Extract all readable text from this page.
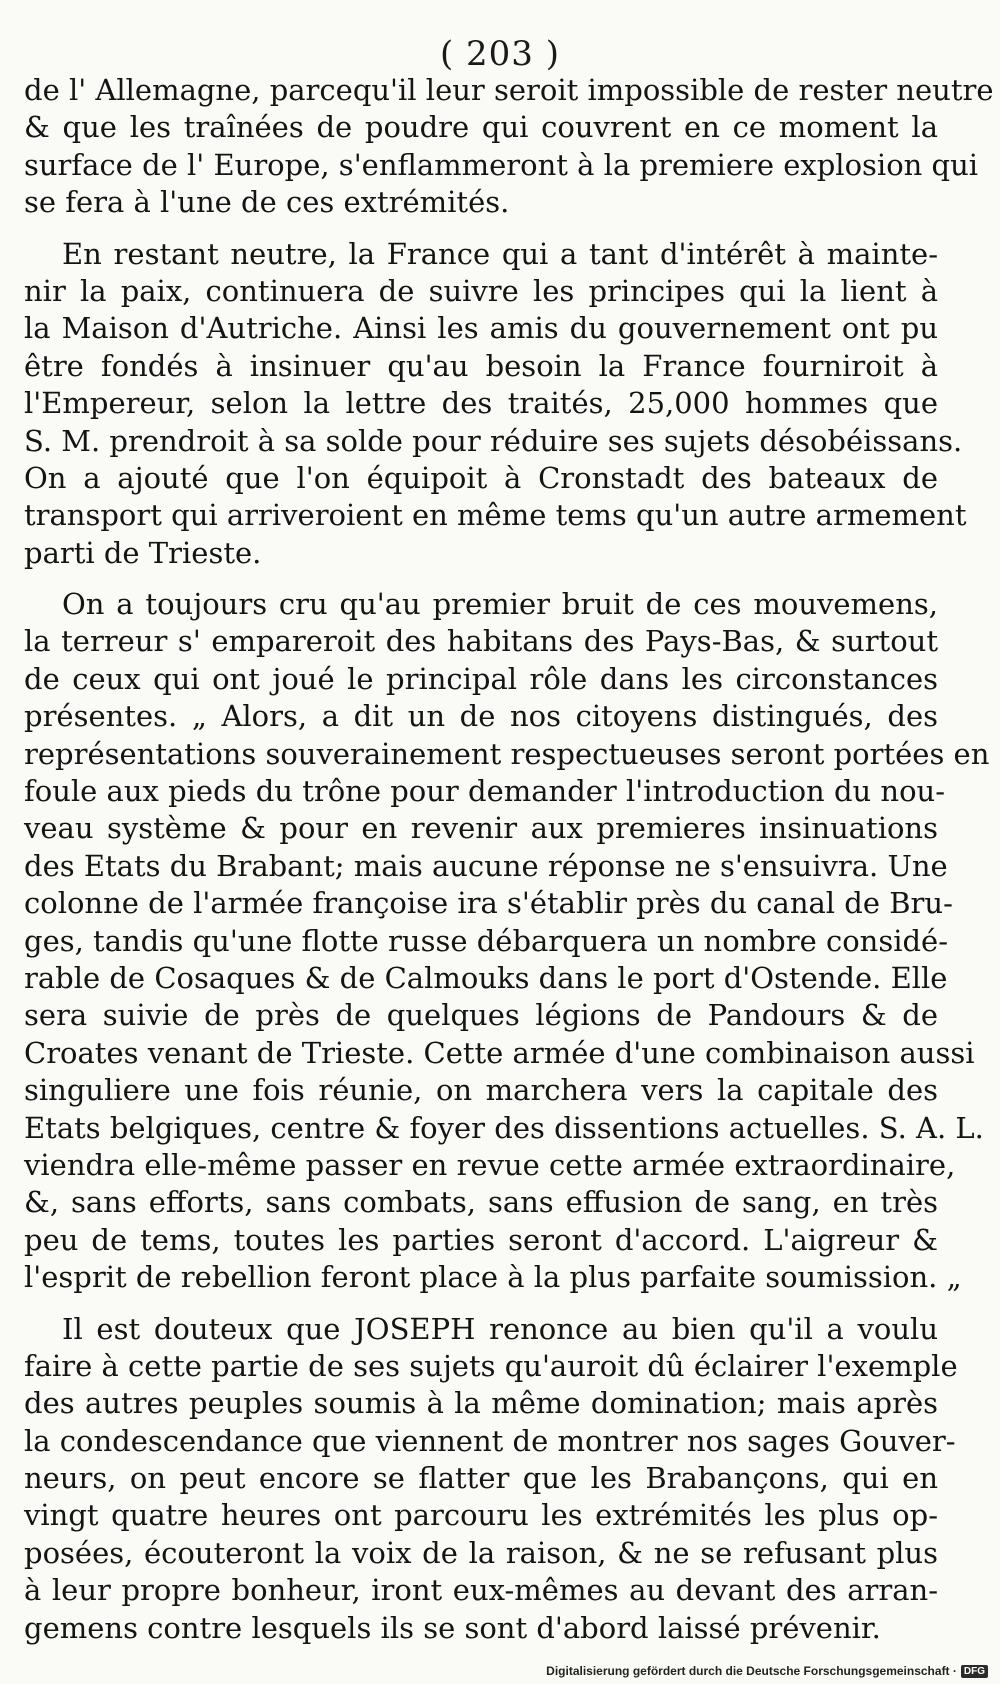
( 203 )
de l' Allemagne, parcequ'il leur seroit impossible de rester neutre
& que les traînées de poudre qui couvrent en ce moment la
surface de l' Europe, s'enflammeront à la premiere explosion qui
se fera à l'une de ces extrémités.
En restant neutre, la France qui a tant d'intérêt à mainte-
nir la paix, continuera de suivre les principes qui la lient à
la Maison d'Autriche. Ainsi les amis du gouvernement ont pu
être fondés à insinuer qu'au besoin la France fourniroit à
l'Empereur, selon la lettre des traités, 25,000 hommes que
S. M. prendroit à sa solde pour réduire ses sujets désobéissans.
On a ajouté que l'on équipoit à Cronstadt des bateaux de
transport qui arriveroient en même tems qu'un autre armement
parti de Trieste.
On a toujours cru qu'au premier bruit de ces mouvemens,
la terreur s' empareroit des habitans des Pays-Bas, & surtout
de ceux qui ont joué le principal rôle dans les circonstances
présentes. „ Alors, a dit un de nos citoyens distingués, des
représentations souverainement respectueuses seront portées en
foule aux pieds du trône pour demander l'introduction du nou-
veau système & pour en revenir aux premieres insinuations
des Etats du Brabant; mais aucune réponse ne s'ensuivra. Une
colonne de l'armée françoise ira s'établir près du canal de Bru-
ges, tandis qu'une flotte russe débarquera un nombre considé-
rable de Cosaques & de Calmouks dans le port d'Ostende. Elle
sera suivie de près de quelques légions de Pandours & de
Croates venant de Trieste. Cette armée d'une combinaison aussi
singuliere une fois réunie, on marchera vers la capitale des
Etats belgiques, centre & foyer des dissentions actuelles. S. A. L.
viendra elle-même passer en revue cette armée extraordinaire,
&, sans efforts, sans combats, sans effusion de sang, en très
peu de tems, toutes les parties seront d'accord. L'aigreur &
l'esprit de rebellion feront place à la plus parfaite soumission. „
Il est douteux que JOSEPH renonce au bien qu'il a voulu
faire à cette partie de ses sujets qu'auroit dû éclairer l'exemple
des autres peuples soumis à la même domination; mais après
la condescendance que viennent de montrer nos sages Gouver-
neurs, on peut encore se flatter que les Brabançons, qui en
vingt quatre heures ont parcouru les extrémités les plus op-
posées, écouteront la voix de la raison, & ne se refusant plus
à leur propre bonheur, iront eux-mêmes au devant des arran-
gemens contre lesquels ils se sont d'abord laissé prévenir.
Digitalisierung gefördert durch die Deutsche Forschungsgemeinschaft · DFG
